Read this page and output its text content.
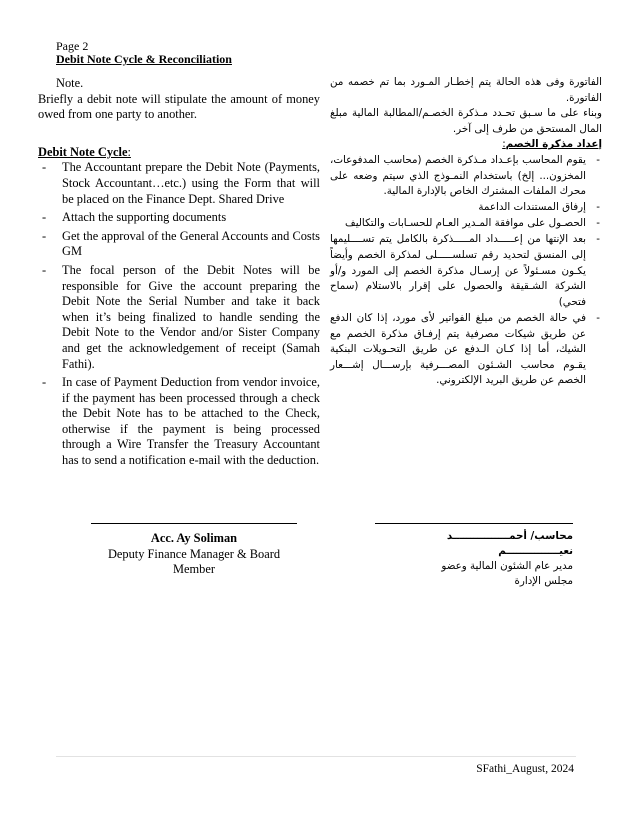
Page 2
Debit Note Cycle & Reconciliation

Note.

Briefly a debit note will stipulate the amount of money owed from one party to another.

Debit Note Cycle:

- The Accountant prepare the Debit Note (Payments, Stock Accountant…etc.) using the Form that will be placed on the Finance Dept. Shared Drive
- Attach the supporting documents
- Get the approval of the General Accounts and Costs GM
- The focal person of the Debit Notes will be responsible for Give the account preparing the Debit Note the Serial Number and take it back when it’s being finalized to handle sending the Debit Note to the Vendor and/or Sister Company and get the acknowledgement of receipt (Samah Fathi).
- In case of Payment Deduction from vendor invoice, if the payment has been processed through a check the Debit Note has to be attached to the Check, otherwise if the payment is being processed through a Wire Transfer the Treasury Accountant has to send a notification e-mail with the deduction.

الفاتورة وفى هذه الحالة يتم إخطـار المـورد بما تم خصمه من الفاتورة.

وبناء على ما سـبق تحـدد مـذكرة الخصـم/المطالبة المالية مبلغ المال المستحق من طرف إلى آخر.

إعداد مذكرة الخصم:

- يقوم المحاسب بإعـداد مـذكرة الخصم (محاسب المدفوعات، المخزون... إلخ) باستخدام النمـوذج الذي سيتم وضعه على محرك الملفات المشترك الخاص بالإدارة المالية.
- إرفاق المستندات الداعمة
- الحصـول على موافقة المـدير العـام للحسـابات والتكاليف
- بعد الإنتها من إعـــــداد المـــــذكرة بالكامل يتم تســــليمها إلى المنسق لتحديد رقم تسلســـــلى لمذكرة الخصم وأيضاً يكـون مسـئولاً عن إرسـال مذكرة الخصم إلى المورد و/أو الشركة الشـقيقة والحصول على إقرار بالاستلام (سماح فتحي)
- في حالة الخصم من مبلغ الفواتير لأى مورد، إذا كان الدفع عن طريق شيكات مصرفية يتم إرفـاق مذكرة الخصم مع الشيك، أما إذا كـان الـدفع عن طريق التحـويلات البنكية يقـوم محاسب الشـئون المصـــرفية بإرســـال إشـــعار الخصم عن طريق البريد الإلكتروني.
Acc. Ay Soliman
Deputy Finance Manager & Board
Member
محاسب/ أحمــــــــــــــــد
نعيـــــــــــــــم
مدير عام الشئون المالية وعضو
مجلس الإدارة
SFathi_August, 2024
